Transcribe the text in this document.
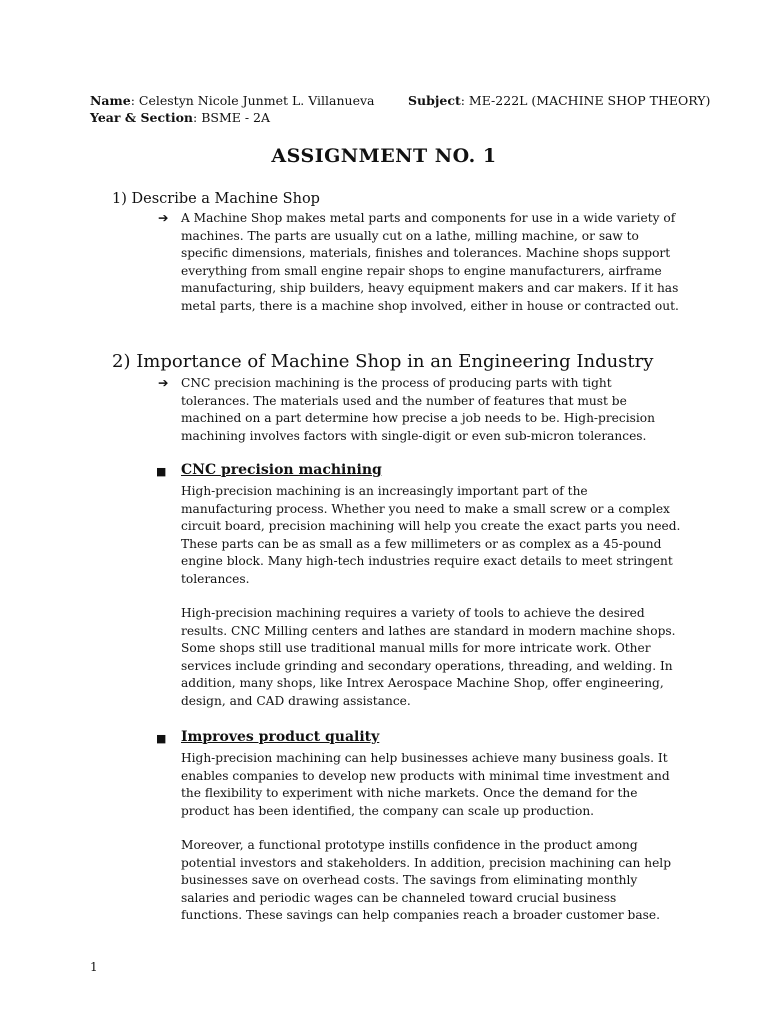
Name: Celestyn Nicole Junmet L. Villanueva	Subject: ME-222L (MACHINE SHOP THEORY)
Year & Section: BSME - 2A
ASSIGNMENT NO. 1
1) Describe a Machine Shop
➔ A Machine Shop makes metal parts and components for use in a wide variety of machines. The parts are usually cut on a lathe, milling machine, or saw to specific dimensions, materials, finishes and tolerances. Machine shops support everything from small engine repair shops to engine manufacturers, airframe manufacturing, ship builders, heavy equipment makers and car makers. If it has metal parts, there is a machine shop involved, either in house or contracted out.
2) Importance of Machine Shop in an Engineering Industry
➔ CNC precision machining is the process of producing parts with tight tolerances. The materials used and the number of features that must be machined on a part determine how precise a job needs to be. High-precision machining involves factors with single-digit or even sub-micron tolerances.
■ CNC precision machining
High-precision machining is an increasingly important part of the manufacturing process. Whether you need to make a small screw or a complex circuit board, precision machining will help you create the exact parts you need. These parts can be as small as a few millimeters or as complex as a 45-pound engine block. Many high-tech industries require exact details to meet stringent tolerances.
High-precision machining requires a variety of tools to achieve the desired results. CNC Milling centers and lathes are standard in modern machine shops. Some shops still use traditional manual mills for more intricate work. Other services include grinding and secondary operations, threading, and welding. In addition, many shops, like Intrex Aerospace Machine Shop, offer engineering, design, and CAD drawing assistance.
■ Improves product quality
High-precision machining can help businesses achieve many business goals. It enables companies to develop new products with minimal time investment and the flexibility to experiment with niche markets. Once the demand for the product has been identified, the company can scale up production.
Moreover, a functional prototype instills confidence in the product among potential investors and stakeholders. In addition, precision machining can help businesses save on overhead costs. The savings from eliminating monthly salaries and periodic wages can be channeled toward crucial business functions. These savings can help companies reach a broader customer base.
1
